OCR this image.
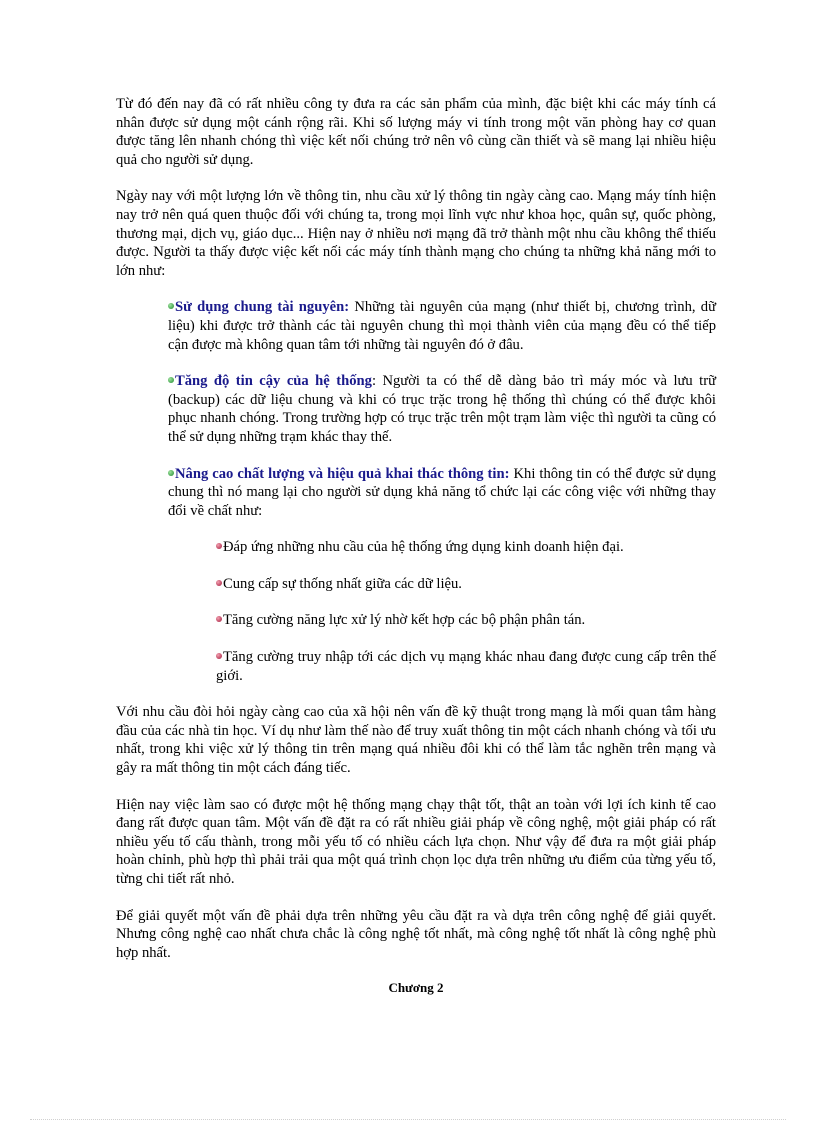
Từ đó đến nay đã có rất nhiều công ty đưa ra các sản phẩm của mình, đặc biệt khi các máy tính cá nhân được sử dụng một cánh rộng rãi. Khi số lượng máy vi tính trong một văn phòng hay cơ quan được tăng lên nhanh chóng thì việc kết nối chúng trở nên vô cùng cần thiết và sẽ mang lại nhiều hiệu quả cho người sử dụng.

Ngày nay với một lượng lớn về thông tin, nhu cầu xử lý thông tin ngày càng cao. Mạng máy tính hiện nay trở nên quá quen thuộc đối với chúng ta, trong mọi lĩnh vực như khoa học, quân sự, quốc phòng, thương mại, dịch vụ, giáo dục... Hiện nay ở nhiều nơi mạng đã trở thành một nhu cầu không thể thiếu được. Người ta thấy được việc kết nối các máy tính thành mạng cho chúng ta những khả năng mới to lớn như:

Sử dụng chung tài nguyên: Những tài nguyên của mạng (như thiết bị, chương trình, dữ liệu) khi được trở thành các tài nguyên chung thì mọi thành viên của mạng đều có thể tiếp cận được mà không quan tâm tới những tài nguyên đó ở đâu.

Tăng độ tin cậy của hệ thống: Người ta có thể dễ dàng bảo trì máy móc và lưu trữ (backup) các dữ liệu chung và khi có trục trặc trong hệ thống thì chúng có thể được khôi phục nhanh chóng. Trong trường hợp có trục trặc trên một trạm làm việc thì người ta cũng có thể sử dụng những trạm khác thay thế.

Nâng cao chất lượng và hiệu quả khai thác thông tin: Khi thông tin có thể được sử dụng chung thì nó mang lại cho người sử dụng khả năng tổ chức lại các công việc với những thay đổi về chất như:

Đáp ứng những nhu cầu của hệ thống ứng dụng kinh doanh hiện đại.

Cung cấp sự thống nhất giữa các dữ liệu.

Tăng cường năng lực xử lý nhờ kết hợp các bộ phận phân tán.

Tăng cường truy nhập tới các dịch vụ mạng khác nhau đang được cung cấp trên thế giới.

Với nhu cầu đòi hỏi ngày càng cao của xã hội nên vấn đề kỹ thuật trong mạng là mối quan tâm hàng đầu của các nhà tin học. Ví dụ như làm thế nào để truy xuất thông tin một cách nhanh chóng và tối ưu nhất, trong khi việc xử lý thông tin trên mạng quá nhiều đôi khi có thể làm tắc nghẽn trên mạng và gây ra mất thông tin một cách đáng tiếc.

Hiện nay việc làm sao có được một hệ thống mạng chạy thật tốt, thật an toàn với lợi ích kinh tế cao đang rất được quan tâm. Một vấn đề đặt ra có rất nhiều giải pháp về công nghệ, một giải pháp có rất nhiều yếu tố cấu thành, trong mỗi yếu tố có nhiều cách lựa chọn. Như vậy để đưa ra một giải pháp hoàn chỉnh, phù hợp thì phải trải qua một quá trình chọn lọc dựa trên những ưu điểm của từng yếu tố, từng chi tiết rất nhỏ.

Để giải quyết một vấn đề phải dựa trên những yêu cầu đặt ra và dựa trên công nghệ để giải quyết. Nhưng công nghệ cao nhất chưa chắc là công nghệ tốt nhất, mà công nghệ tốt nhất là công nghệ phù hợp nhất.

Chương 2
